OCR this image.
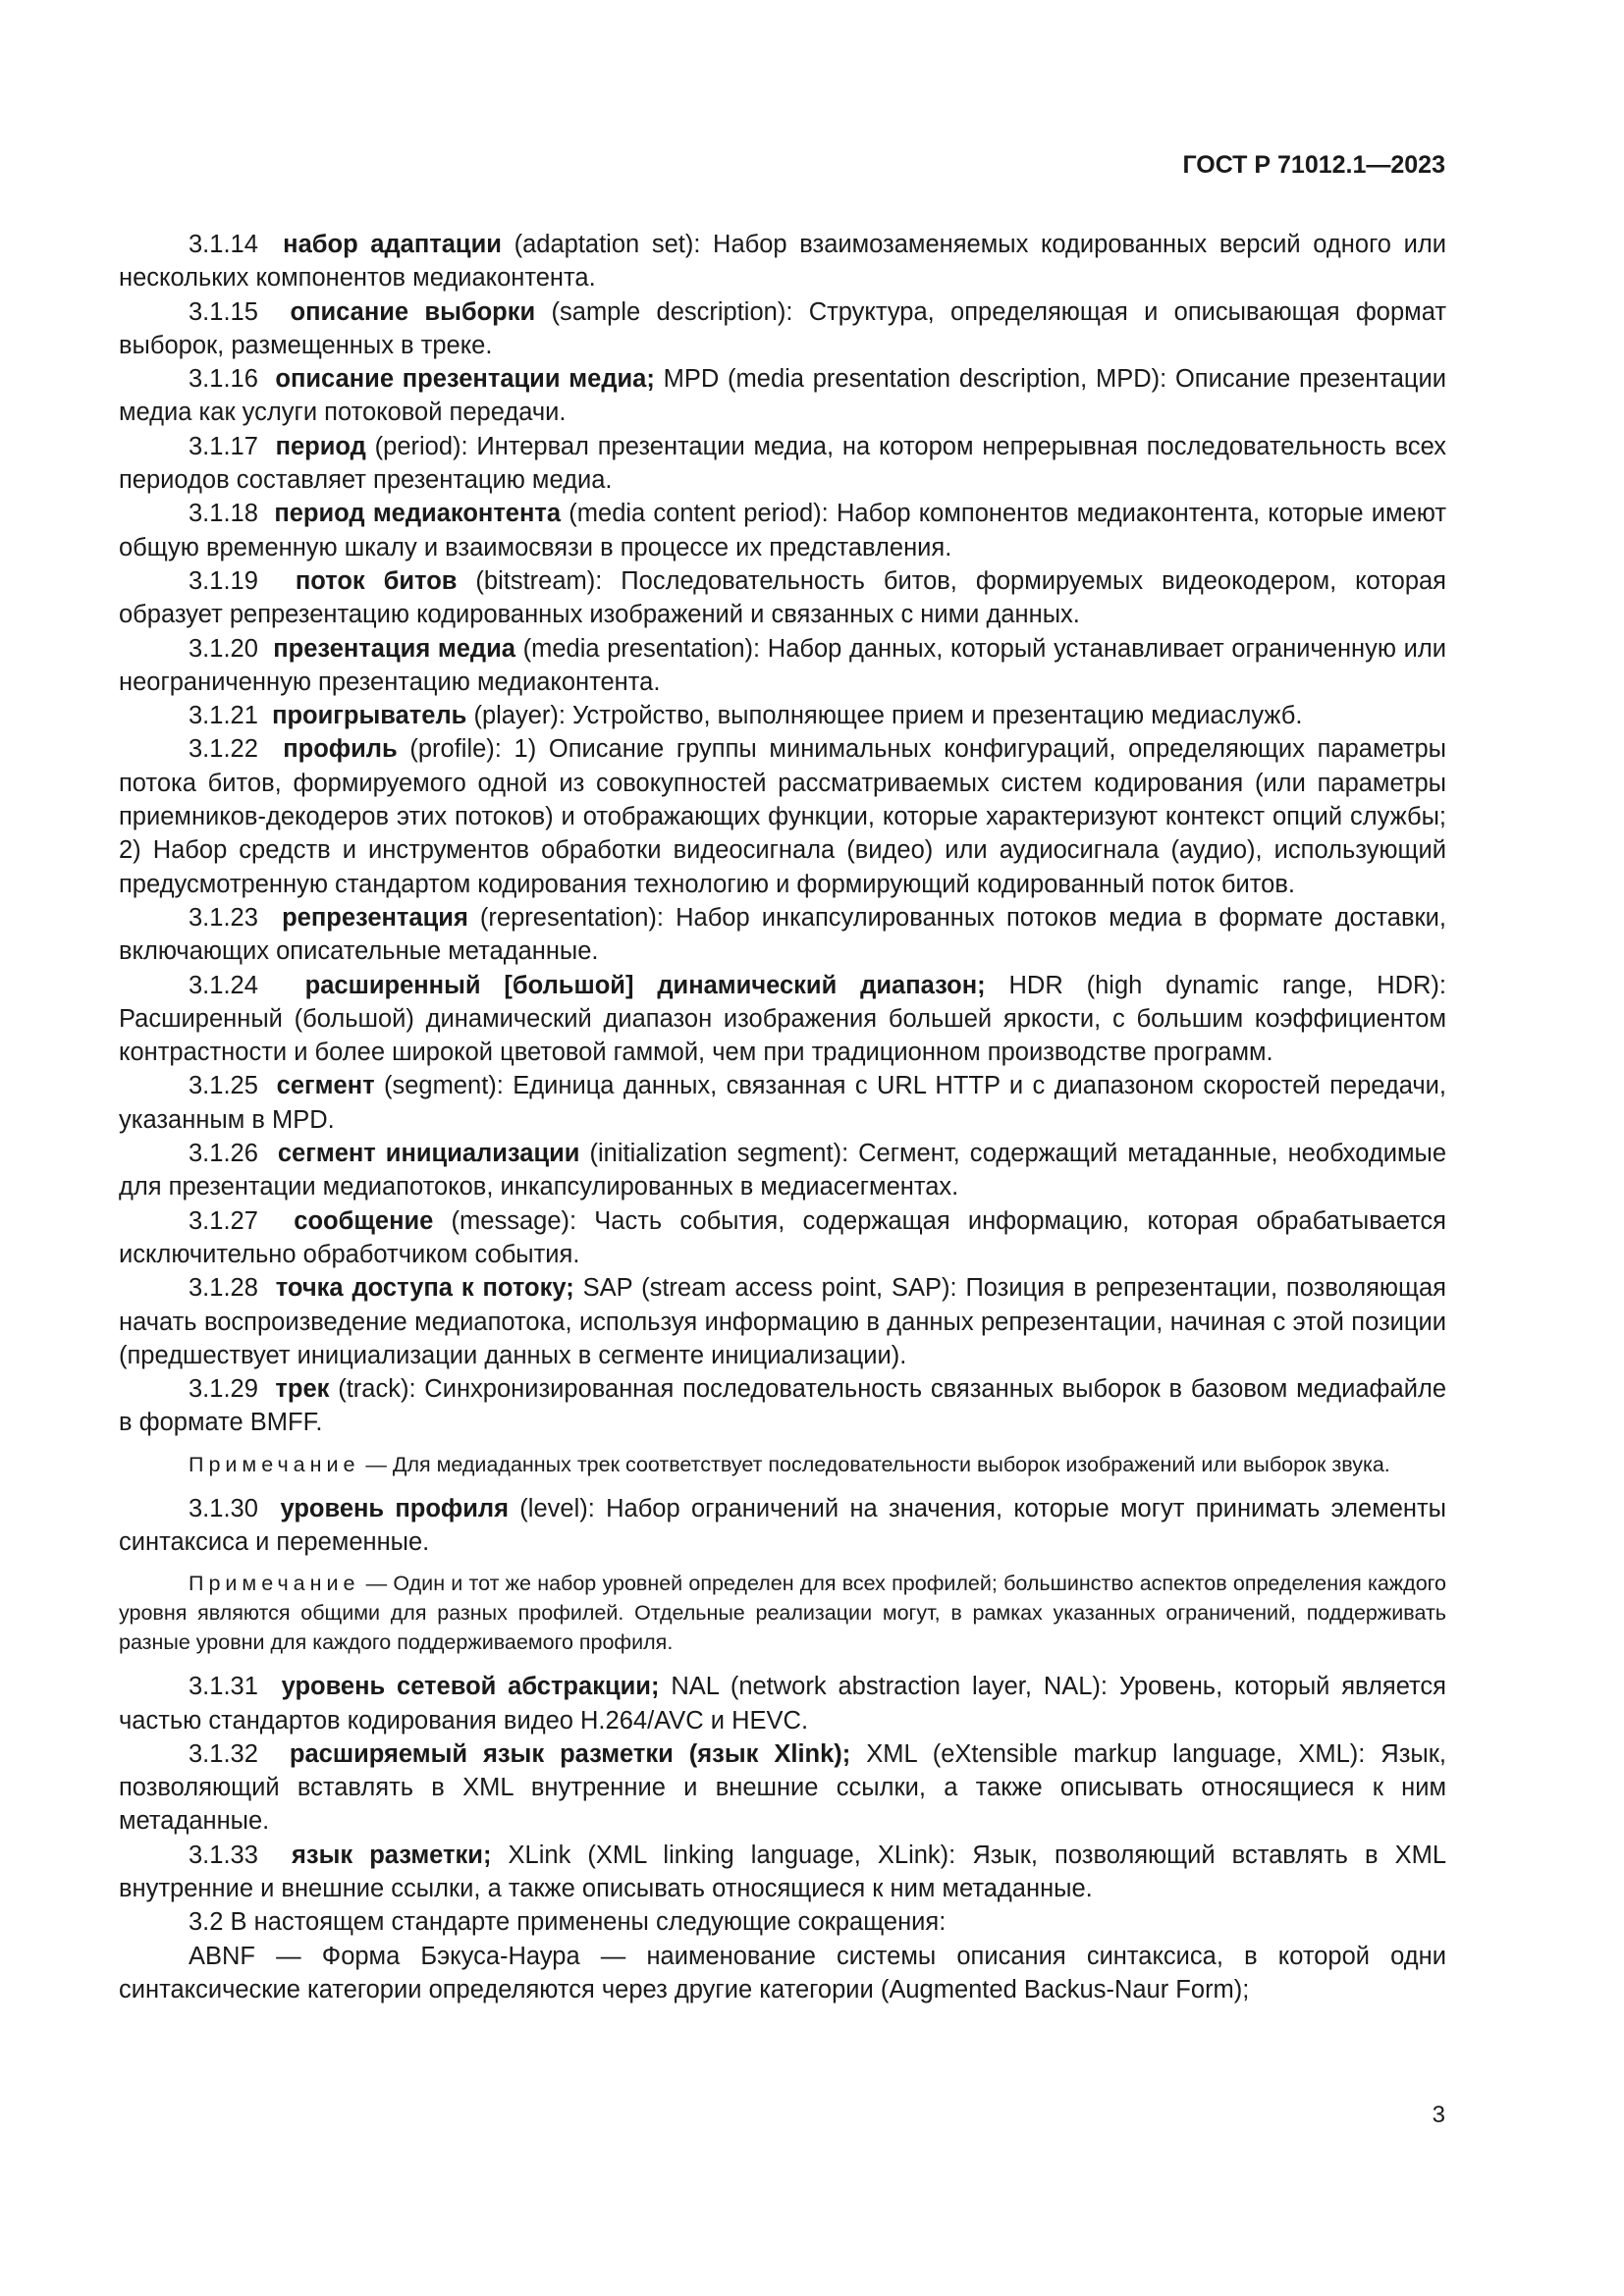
ГОСТ Р 71012.1—2023

3.1.14 набор адаптации (adaptation set): Набор взаимозаменяемых кодированных версий одного или нескольких компонентов медиаконтента.

3.1.15 описание выборки (sample description): Структура, определяющая и описывающая формат выборок, размещенных в треке.

3.1.16 описание презентации медиа; MPD (media presentation description, MPD): Описание презентации медиа как услуги потоковой передачи.

3.1.17 период (period): Интервал презентации медиа, на котором непрерывная последовательность всех периодов составляет презентацию медиа.

3.1.18 период медиаконтента (media content period): Набор компонентов медиаконтента, которые имеют общую временную шкалу и взаимосвязи в процессе их представления.

3.1.19 поток битов (bitstream): Последовательность битов, формируемых видеокодером, которая образует репрезентацию кодированных изображений и связанных с ними данных.

3.1.20 презентация медиа (media presentation): Набор данных, который устанавливает ограниченную или неограниченную презентацию медиаконтента.

3.1.21 проигрыватель (player): Устройство, выполняющее прием и презентацию медиаслужб.

3.1.22 профиль (profile): 1) Описание группы минимальных конфигураций, определяющих параметры потока битов, формируемого одной из совокупностей рассматриваемых систем кодирования (или параметры приемников-декодеров этих потоков) и отображающих функции, которые характеризуют контекст опций службы; 2) Набор средств и инструментов обработки видеосигнала (видео) или аудиосигнала (аудио), использующий предусмотренную стандартом кодирования технологию и формирующий кодированный поток битов.

3.1.23 репрезентация (representation): Набор инкапсулированных потоков медиа в формате доставки, включающих описательные метаданные.

3.1.24 расширенный [большой] динамический диапазон; HDR (high dynamic range, HDR): Расширенный (большой) динамический диапазон изображения большей яркости, с большим коэффициентом контрастности и более широкой цветовой гаммой, чем при традиционном производстве программ.

3.1.25 сегмент (segment): Единица данных, связанная с URL HTTP и с диапазоном скоростей передачи, указанным в MPD.

3.1.26 сегмент инициализации (initialization segment): Сегмент, содержащий метаданные, необходимые для презентации медиапотоков, инкапсулированных в медиасегментах.

3.1.27 сообщение (message): Часть события, содержащая информацию, которая обрабатывается исключительно обработчиком события.

3.1.28 точка доступа к потоку; SAP (stream access point, SAP): Позиция в репрезентации, позволяющая начать воспроизведение медиапотока, используя информацию в данных репрезентации, начиная с этой позиции (предшествует инициализации данных в сегменте инициализации).

3.1.29 трек (track): Синхронизированная последовательность связанных выборок в базовом медиафайле в формате BMFF.

Примечание — Для медиаданных трек соответствует последовательности выборок изображений или выборок звука.

3.1.30 уровень профиля (level): Набор ограничений на значения, которые могут принимать элементы синтаксиса и переменные.

Примечание — Один и тот же набор уровней определен для всех профилей; большинство аспектов определения каждого уровня являются общими для разных профилей. Отдельные реализации могут, в рамках указанных ограничений, поддерживать разные уровни для каждого поддерживаемого профиля.

3.1.31 уровень сетевой абстракции; NAL (network abstraction layer, NAL): Уровень, который является частью стандартов кодирования видео H.264/AVC и HEVC.

3.1.32 расширяемый язык разметки (язык Xlink); XML (eXtensible markup language, XML): Язык, позволяющий вставлять в XML внутренние и внешние ссылки, а также описывать относящиеся к ним метаданные.

3.1.33 язык разметки; XLink (XML linking language, XLink): Язык, позволяющий вставлять в XML внутренние и внешние ссылки, а также описывать относящиеся к ним метаданные.

3.2 В настоящем стандарте применены следующие сокращения:

ABNF — Форма Бэкуса-Наура — наименование системы описания синтаксиса, в которой одни синтаксические категории определяются через другие категории (Augmented Backus-Naur Form);

3
